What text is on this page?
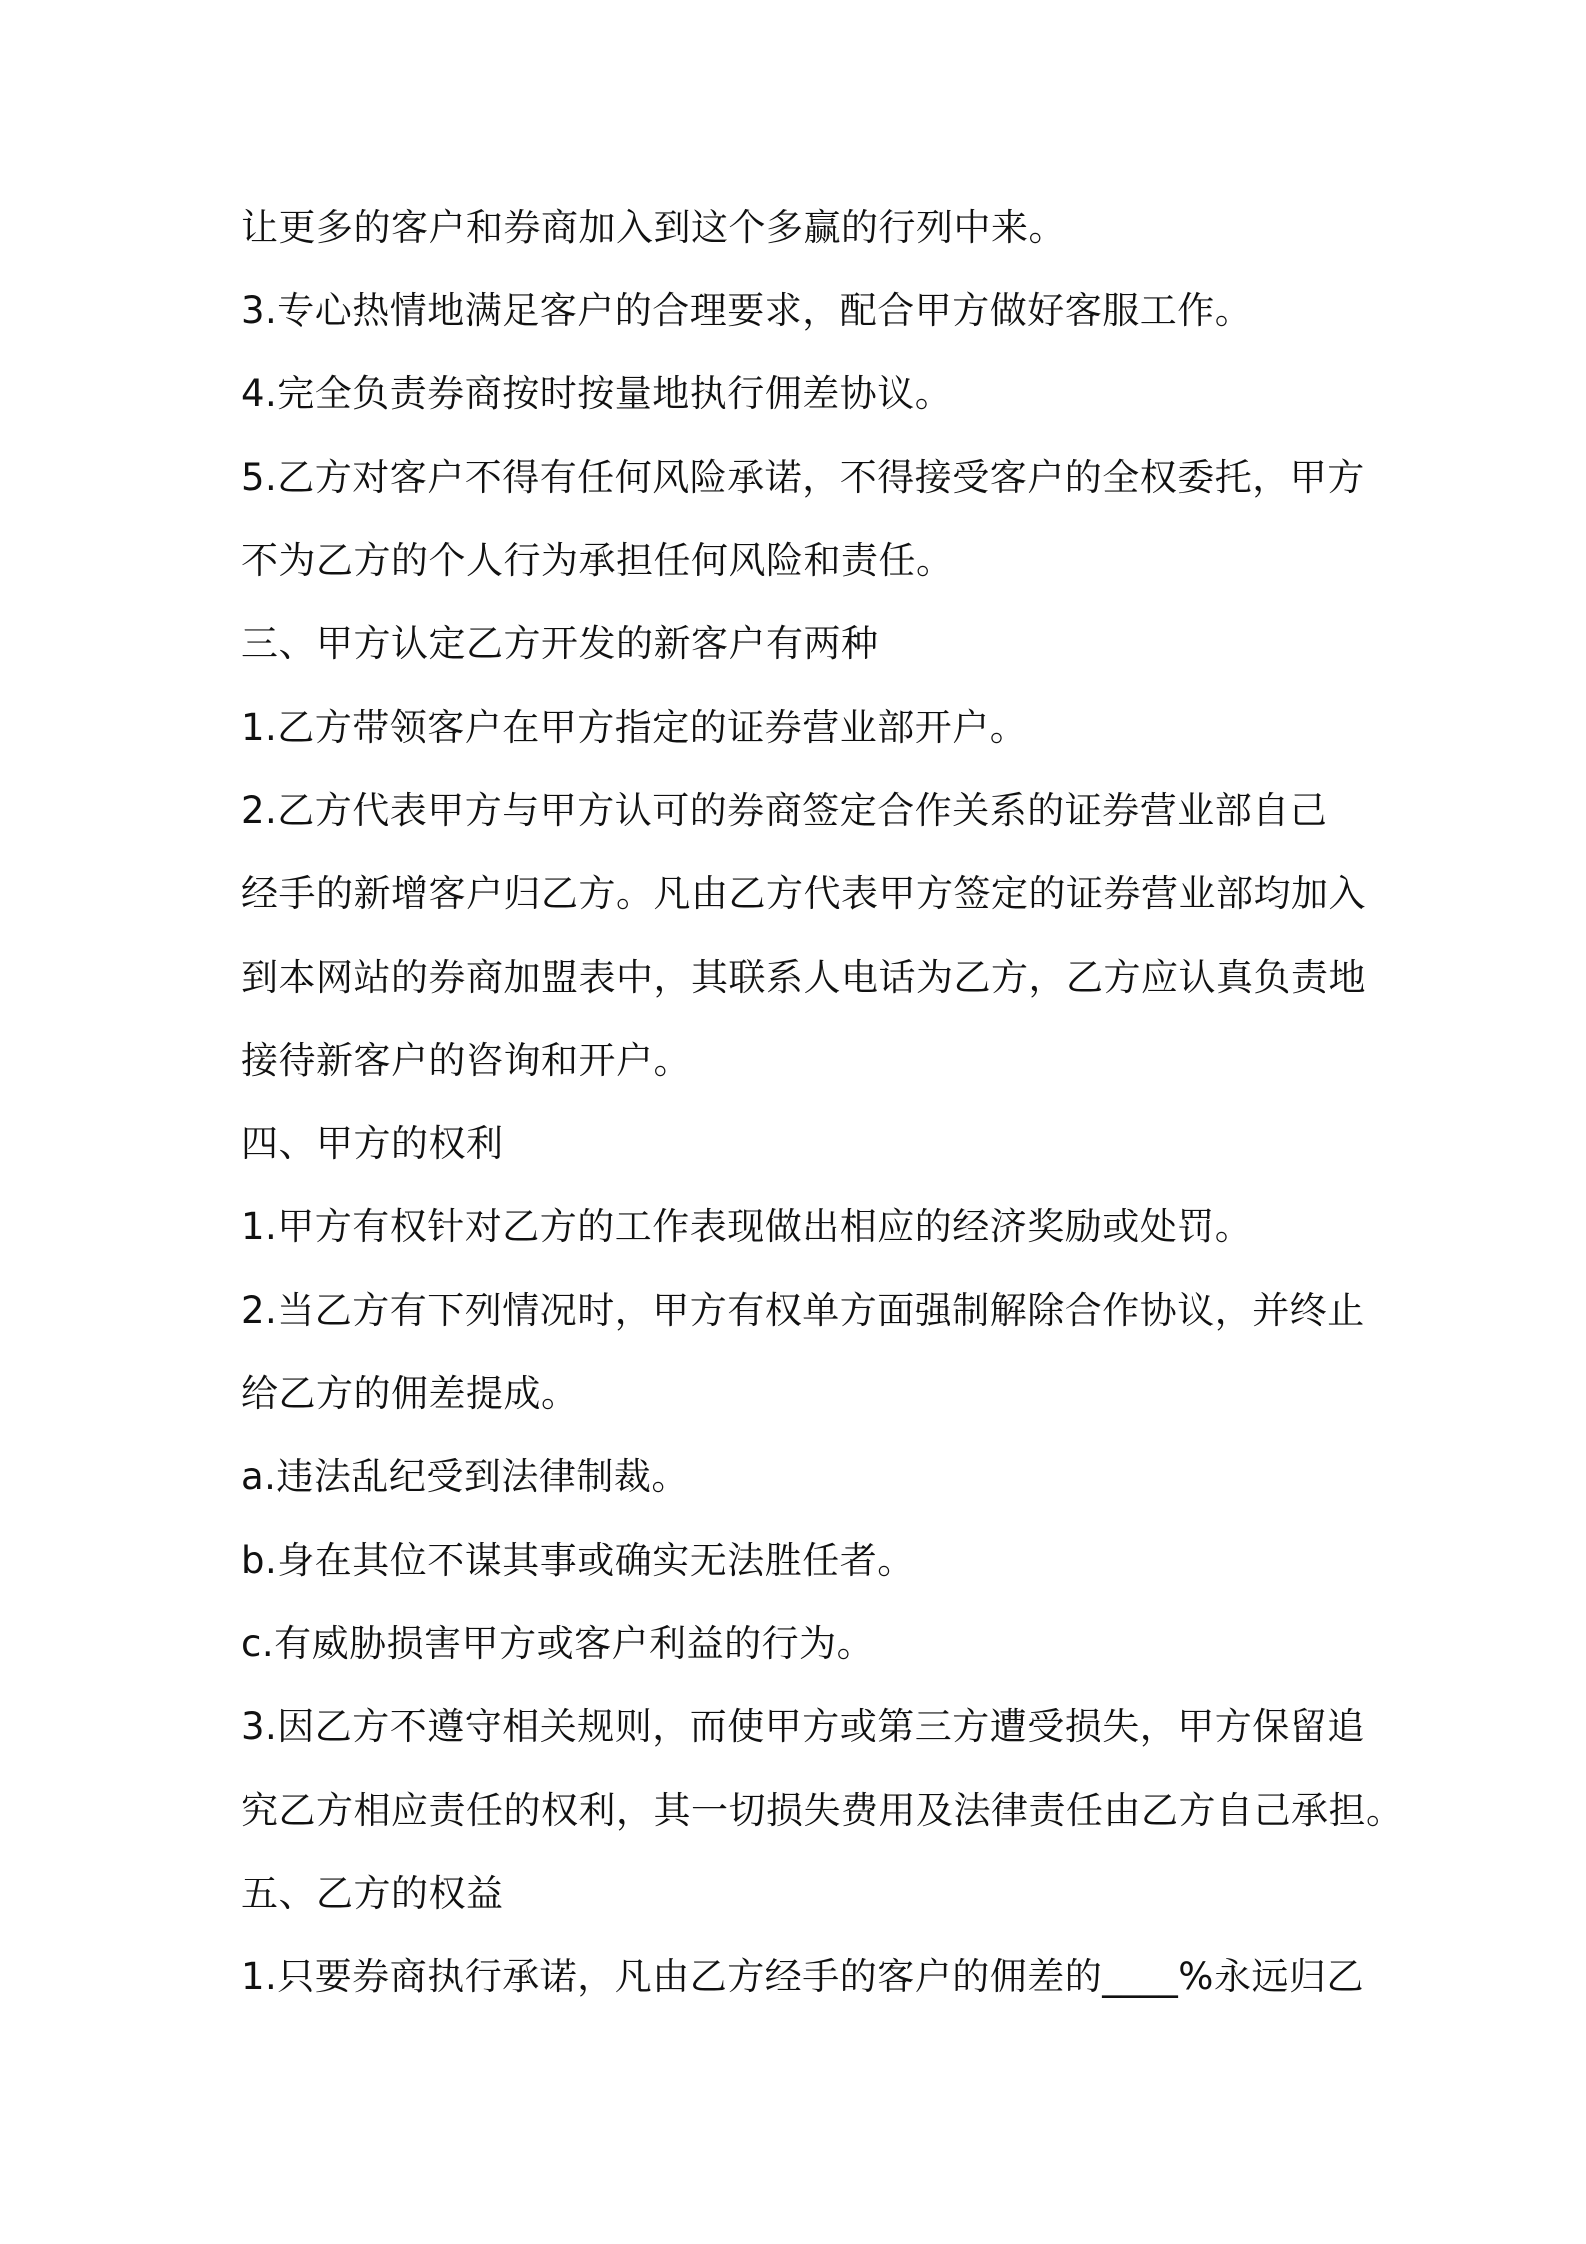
让更多的客户和券商加入到这个多赢的行列中来。
3.专心热情地满足客户的合理要求，配合甲方做好客服工作。
4.完全负责券商按时按量地执行佣差协议。
5.乙方对客户不得有任何风险承诺，不得接受客户的全权委托，甲方
不为乙方的个人行为承担任何风险和责任。
三、甲方认定乙方开发的新客户有两种
1.乙方带领客户在甲方指定的证券营业部开户。
2.乙方代表甲方与甲方认可的券商签定合作关系的证券营业部自己
经手的新增客户归乙方。凡由乙方代表甲方签定的证券营业部均加入
到本网站的券商加盟表中，其联系人电话为乙方，乙方应认真负责地
接待新客户的咨询和开户。
四、甲方的权利
1.甲方有权针对乙方的工作表现做出相应的经济奖励或处罚。
2.当乙方有下列情况时，甲方有权单方面强制解除合作协议，并终止
给乙方的佣差提成。
a.违法乱纪受到法律制裁。
b.身在其位不谋其事或确实无法胜任者。
c.有威胁损害甲方或客户利益的行为。
3.因乙方不遵守相关规则，而使甲方或第三方遭受损失，甲方保留追
究乙方相应责任的权利，其一切损失费用及法律责任由乙方自己承担。
五、乙方的权益
1.只要券商执行承诺，凡由乙方经手的客户的佣差的____%永远归乙
